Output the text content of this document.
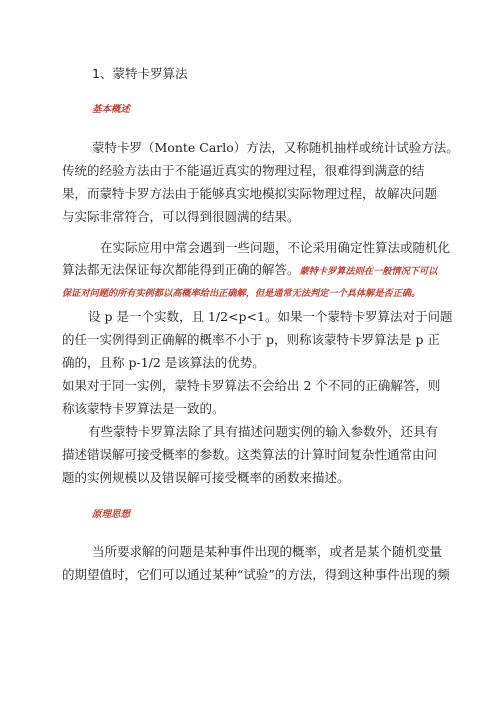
1、蒙特卡罗算法
基本概述
蒙特卡罗（Monte Carlo）方法，又称随机抽样或统计试验方法。
传统的经验方法由于不能逼近真实的物理过程，很难得到满意的结
果，而蒙特卡罗方法由于能够真实地模拟实际物理过程，故解决问题
与实际非常符合，可以得到很圆满的结果。
在实际应用中常会遇到一些问题，不论采用确定性算法或随机化
算法都无法保证每次都能得到正确的解答。蒙特卡罗算法则在一般情况下可以
保证对问题的所有实例都以高概率给出正确解，但是通常无法判定一个具体解是否正确。
设 p 是一个实数，且 1/2<p<1。如果一个蒙特卡罗算法对于问题
的任一实例得到正确解的概率不小于 p，则称该蒙特卡罗算法是 p 正
确的，且称 p-1/2 是该算法的优势。
如果对于同一实例，蒙特卡罗算法不会给出 2 个不同的正确解答，则
称该蒙特卡罗算法是一致的。
有些蒙特卡罗算法除了具有描述问题实例的输入参数外，还具有
描述错误解可接受概率的参数。这类算法的计算时间复杂性通常由问
题的实例规模以及错误解可接受概率的函数来描述。
原理思想
当所要求解的问题是某种事件出现的概率，或者是某个随机变量
的期望值时，它们可以通过某种“试验”的方法，得到这种事件出现的频
